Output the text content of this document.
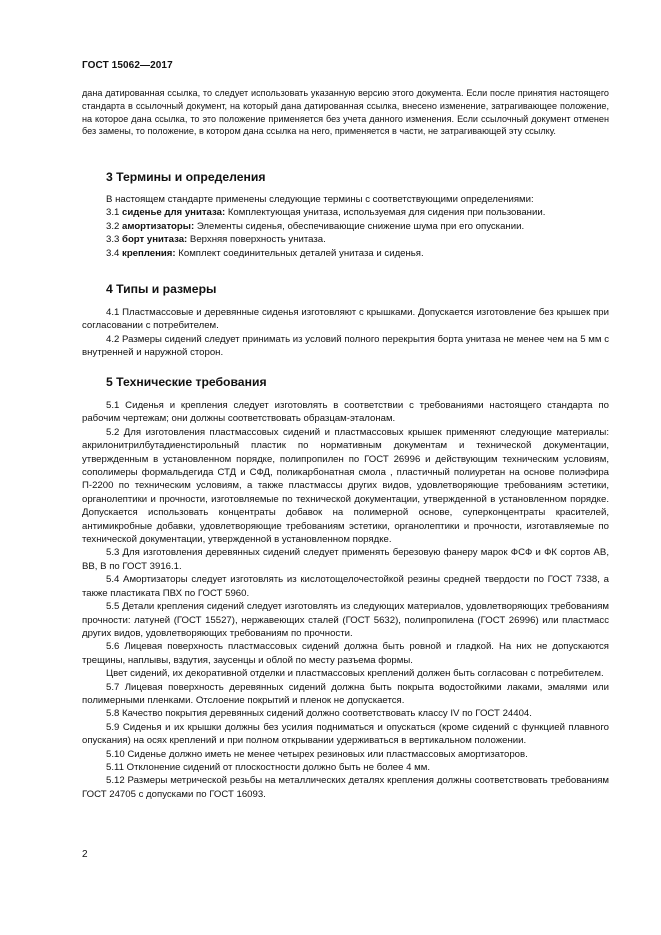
ГОСТ 15062—2017

дана датированная ссылка, то следует использовать указанную версию этого документа. Если после принятия настоящего стандарта в ссылочный документ, на который дана датированная ссылка, внесено изменение, затрагивающее положение, на которое дана ссылка, то это положение применяется без учета данного изменения. Если ссылочный документ отменен без замены, то положение, в котором дана ссылка на него, применяется в части, не затрагивающей эту ссылку.

3 Термины и определения

В настоящем стандарте применены следующие термины с соответствующими определениями:

3.1 сиденье для унитаза: Комплектующая унитаза, используемая для сидения при пользовании.

3.2 амортизаторы: Элементы сиденья, обеспечивающие снижение шума при его опускании.

3.3 борт унитаза: Верхняя поверхность унитаза.

3.4 крепления: Комплект соединительных деталей унитаза и сиденья.

4 Типы и размеры

4.1 Пластмассовые и деревянные сиденья изготовляют с крышками. Допускается изготовление без крышек при согласовании с потребителем.

4.2 Размеры сидений следует принимать из условий полного перекрытия борта унитаза не менее чем на 5 мм с внутренней и наружной сторон.

5 Технические требования

5.1 Сиденья и крепления следует изготовлять в соответствии с требованиями настоящего стандарта по рабочим чертежам; они должны соответствовать образцам-эталонам.

5.2 Для изготовления пластмассовых сидений и пластмассовых крышек применяют следующие материалы: акрилонитрилбутадиенстирольный пластик по нормативным документам и технической документации, утвержденным в установленном порядке, полипропилен по ГОСТ 26996 и действующим техническим условиям, сополимеры формальдегида СТД и СФД, поликарбонатная смола , пластичный полиуретан на основе полиэфира П-2200 по техническим условиям, а также пластмассы других видов, удовлетворяющие требованиям эстетики, органолептики и прочности, изготовляемые по технической документации, утвержденной в установленном порядке. Допускается использовать концентраты добавок на полимерной основе, суперконцентраты красителей, антимикробные добавки, удовлетворяющие требованиям эстетики, органолептики и прочности, изготавляемые по технической документации, утвержденной в установленном порядке.

5.3 Для изготовления деревянных сидений следует применять березовую фанеру марок ФСФ и ФК сортов АВ, ВВ, В по ГОСТ 3916.1.

5.4 Амортизаторы следует изготовлять из кислотощелочестойкой резины средней твердости по ГОСТ 7338, а также пластиката ПВХ по ГОСТ 5960.

5.5 Детали крепления сидений следует изготовлять из следующих материалов, удовлетворяющих требованиям прочности: латуней (ГОСТ 15527), нержавеющих сталей (ГОСТ 5632), полипропилена (ГОСТ 26996) или пластмасс других видов, удовлетворяющих требованиям по прочности.

5.6 Лицевая поверхность пластмассовых сидений должна быть ровной и гладкой. На них не допускаются трещины, наплывы, вздутия, заусенцы и облой по месту разъема формы.

Цвет сидений, их декоративной отделки и пластмассовых креплений должен быть согласован с потребителем.

5.7 Лицевая поверхность деревянных сидений должна быть покрыта водостойкими лаками, эмалями или полимерными пленками. Отслоение покрытий и пленок не допускается.

5.8 Качество покрытия деревянных сидений должно соответствовать классу IV по ГОСТ 24404.

5.9 Сиденья и их крышки должны без усилия подниматься и опускаться (кроме сидений с функцией плавного опускания) на осях креплений и при полном открывании удерживаться в вертикальном положении.

5.10 Сиденье должно иметь не менее четырех резиновых или пластмассовых амортизаторов.

5.11 Отклонение сидений от плоскостности должно быть не более 4 мм.

5.12 Размеры метрической резьбы на металлических деталях крепления должны соответствовать требованиям ГОСТ 24705 с допусками по ГОСТ 16093.

2
